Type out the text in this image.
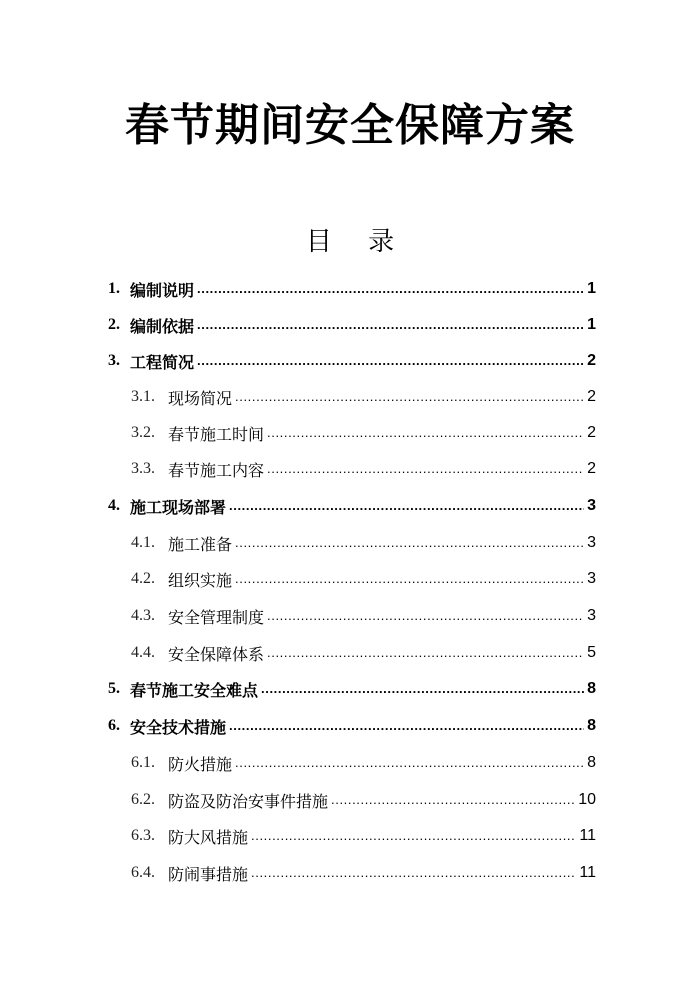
春节期间安全保障方案
目 录
1. 编制说明 .....	1
2. 编制依据 .....	1
3. 工程简况 .....	2
3.1. 现场简况 .....	2
3.2. 春节施工时间 .....	2
3.3. 春节施工内容 .....	2
4. 施工现场部署 .....	3
4.1. 施工准备 .....	3
4.2. 组织实施 .....	3
4.3. 安全管理制度 .....	3
4.4. 安全保障体系 .....	5
5. 春节施工安全难点 .....	8
6. 安全技术措施 .....	8
6.1. 防火措施 .....	8
6.2. 防盗及防治安事件措施 .....	10
6.3. 防大风措施 .....	11
6.4. 防闹事措施 .....	11
